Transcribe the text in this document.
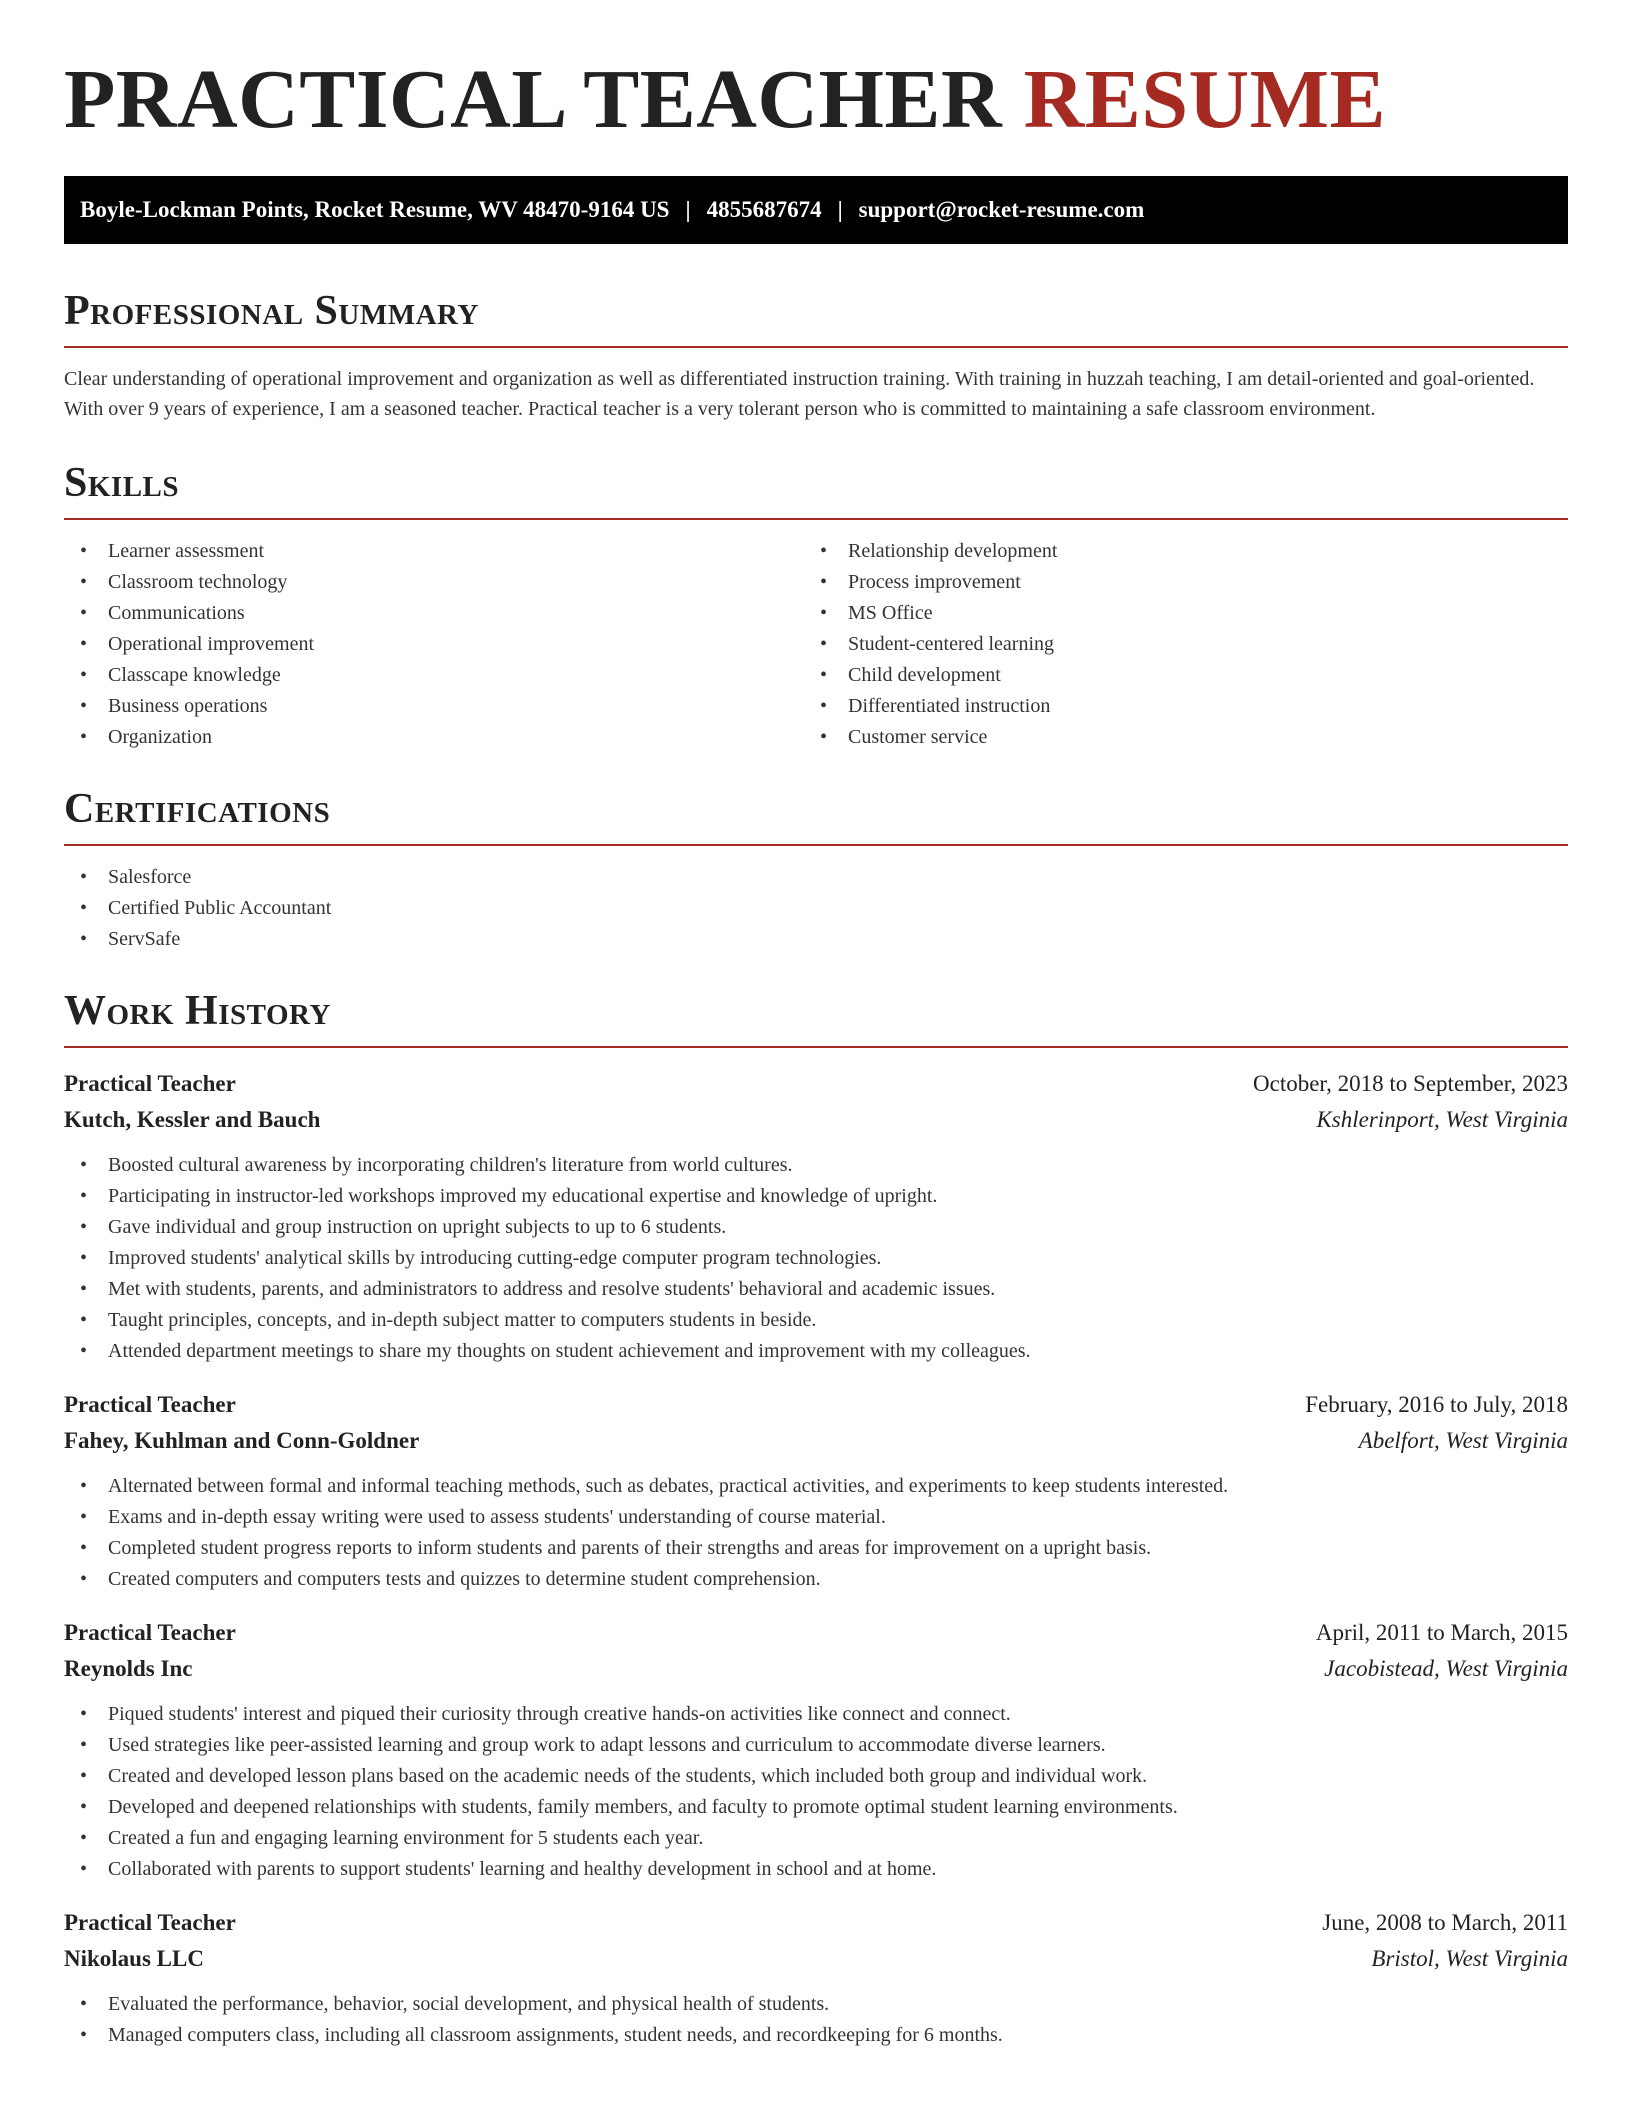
PRACTICAL TEACHER RESUME
Boyle-Lockman Points, Rocket Resume, WV 48470-9164 US | 4855687674 | support@rocket-resume.com
Professional Summary

Clear understanding of operational improvement and organization as well as differentiated instruction training. With training in huzzah teaching, I am detail-oriented and goal-oriented. With over 9 years of experience, I am a seasoned teacher. Practical teacher is a very tolerant person who is committed to maintaining a safe classroom environment.

Skills
• Learner assessment
• Classroom technology
• Communications
• Operational improvement
• Classcape knowledge
• Business operations
• Organization
• Relationship development
• Process improvement
• MS Office
• Student-centered learning
• Child development
• Differentiated instruction
• Customer service
Certifications
• Salesforce
• Certified Public Accountant
• ServSafe
Work History
Practical Teacher	October, 2018 to September, 2023
Kutch, Kessler and Bauch	Kshlerinport, West Virginia
• Boosted cultural awareness by incorporating children's literature from world cultures.
• Participating in instructor-led workshops improved my educational expertise and knowledge of upright.
• Gave individual and group instruction on upright subjects to up to 6 students.
• Improved students' analytical skills by introducing cutting-edge computer program technologies.
• Met with students, parents, and administrators to address and resolve students' behavioral and academic issues.
• Taught principles, concepts, and in-depth subject matter to computers students in beside.
• Attended department meetings to share my thoughts on student achievement and improvement with my colleagues.
Practical Teacher	February, 2016 to July, 2018
Fahey, Kuhlman and Conn-Goldner	Abelfort, West Virginia
• Alternated between formal and informal teaching methods, such as debates, practical activities, and experiments to keep students interested.
• Exams and in-depth essay writing were used to assess students' understanding of course material.
• Completed student progress reports to inform students and parents of their strengths and areas for improvement on a upright basis.
• Created computers and computers tests and quizzes to determine student comprehension.
Practical Teacher	April, 2011 to March, 2015
Reynolds Inc	Jacobistead, West Virginia
• Piqued students' interest and piqued their curiosity through creative hands-on activities like connect and connect.
• Used strategies like peer-assisted learning and group work to adapt lessons and curriculum to accommodate diverse learners.
• Created and developed lesson plans based on the academic needs of the students, which included both group and individual work.
• Developed and deepened relationships with students, family members, and faculty to promote optimal student learning environments.
• Created a fun and engaging learning environment for 5 students each year.
• Collaborated with parents to support students' learning and healthy development in school and at home.
Practical Teacher	June, 2008 to March, 2011
Nikolaus LLC	Bristol, West Virginia
• Evaluated the performance, behavior, social development, and physical health of students.
• Managed computers class, including all classroom assignments, student needs, and recordkeeping for 6 months.
